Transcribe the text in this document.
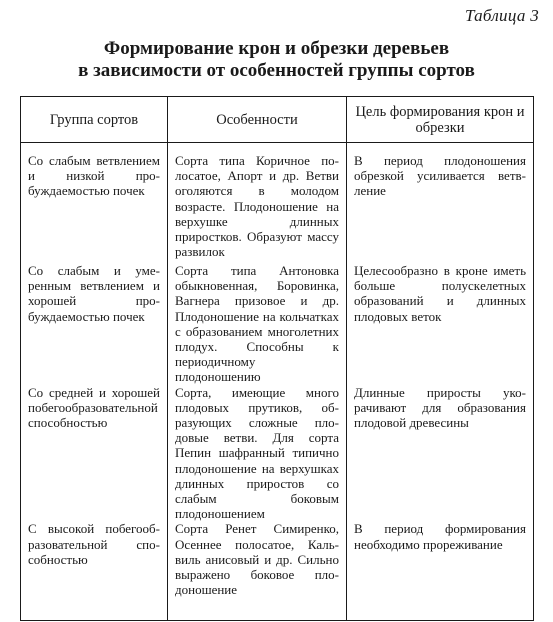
Таблица 3
Формирование крон и обрезки деревьев
в зависимости от особенностей группы сортов
Группа сортов	Особенности	Цель формирования крон и обрезки
Со слабым ветвлением и низкой пробуждаемостью почек	Сорта типа Коричное полосатое, Апорт и др. Ветви оголяются в молодом возрасте. Плодоношение на верхушке длинных приростков. Образуют массу развилок	В период плодоношения обрезкой усиливается ветвление
Со слабым и умеренным ветвлением и хорошей пробуждаемостью почек	Сорта типа Антоновка обыкновенная, Боровинка, Вагнера призовое и др. Плодоношение на кольчатках с образованием многолетних плодух. Способны к периодичному плодоношению	Целесообразно в кроне иметь больше полускeлетных образований и длинных плодовых веток
Со средней и хорошей побегообразовательной способностью	Сорта, имеющие много плодовых прутиков, образующих сложные плодовые ветви. Для сорта Пепин шафранный типично плодоношение на верхушках длинных приростов со слабым боковым плодоношением	Длинные приросты укорачивают для образования плодовой древесины
С высокой побегообразовательной способностью	Сорта Ренет Симиренко, Осеннее полосатое, Кальвиль анисовый и др. Сильно выражено боковое плодоношение	В период формирования необходимо прореживание
